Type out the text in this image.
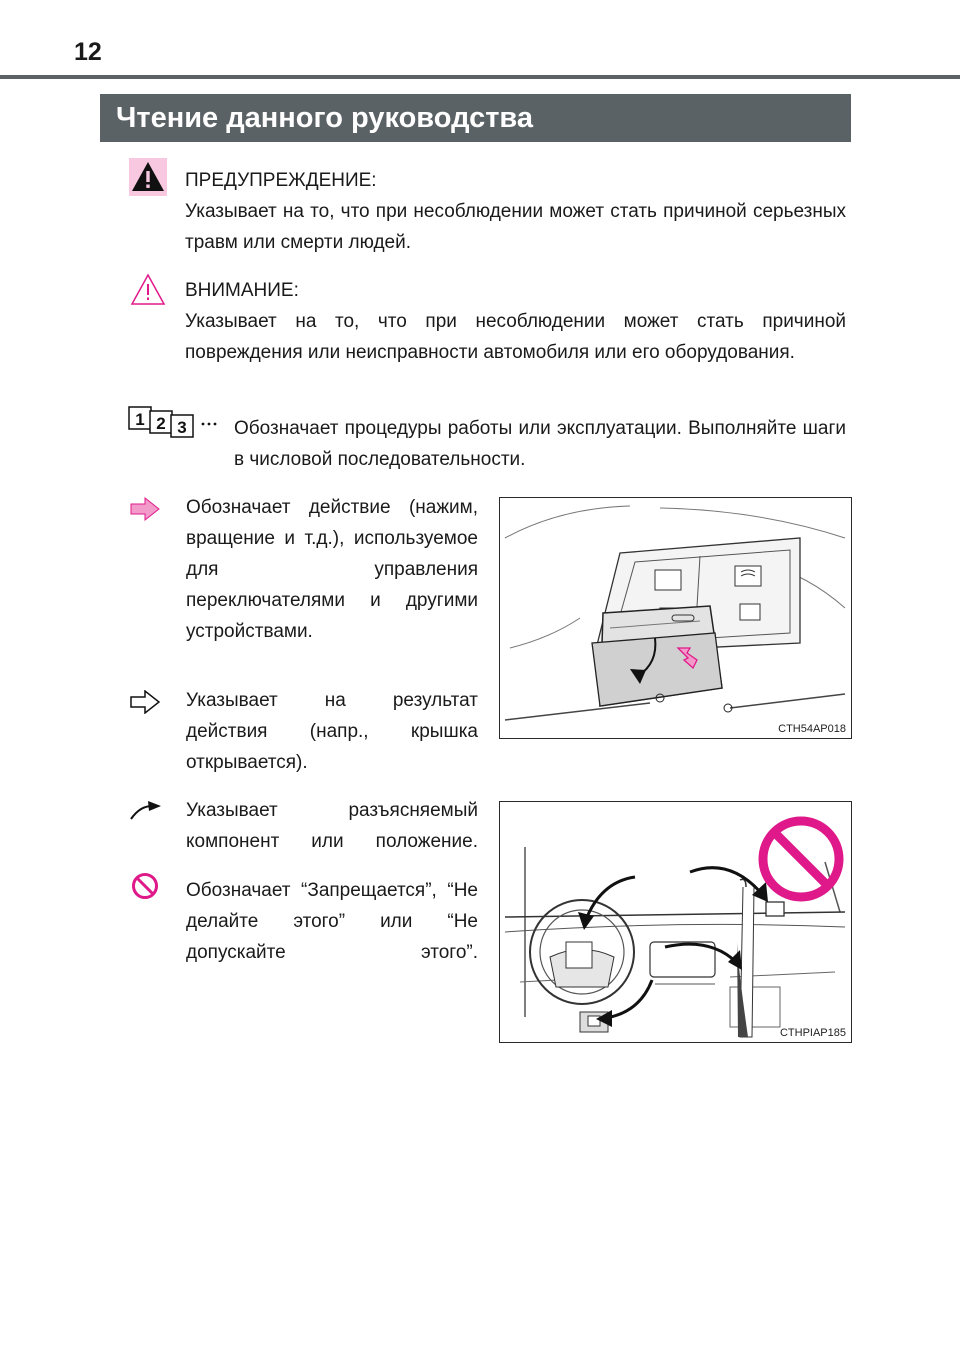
12
Чтение данного руководства

ПРЕДУПРЕЖДЕНИЕ:

Указывает на то, что при несоблюдении может стать причиной серьезных травм или смерти людей.

ВНИМАНИЕ:

Указывает на то, что при несоблюдении может стать причиной повреждения или неисправности автомобиля или его оборудования.

1 2 3 Обозначает процедуры работы или эксплуатации. Выполняйте шаги в числовой последовательности.

Обозначает действие (нажим, вращение и т.д.), используемое для управления переключателями и другими устройствами.

Указывает на результат действия (напр., крышка открывается).

Указывает разъясняемый компонент или положение.

Обозначает “Запрещается”, “Не делайте этого” или “Не допускайте этого”.

CTH54AP018
CTHPIAP185
